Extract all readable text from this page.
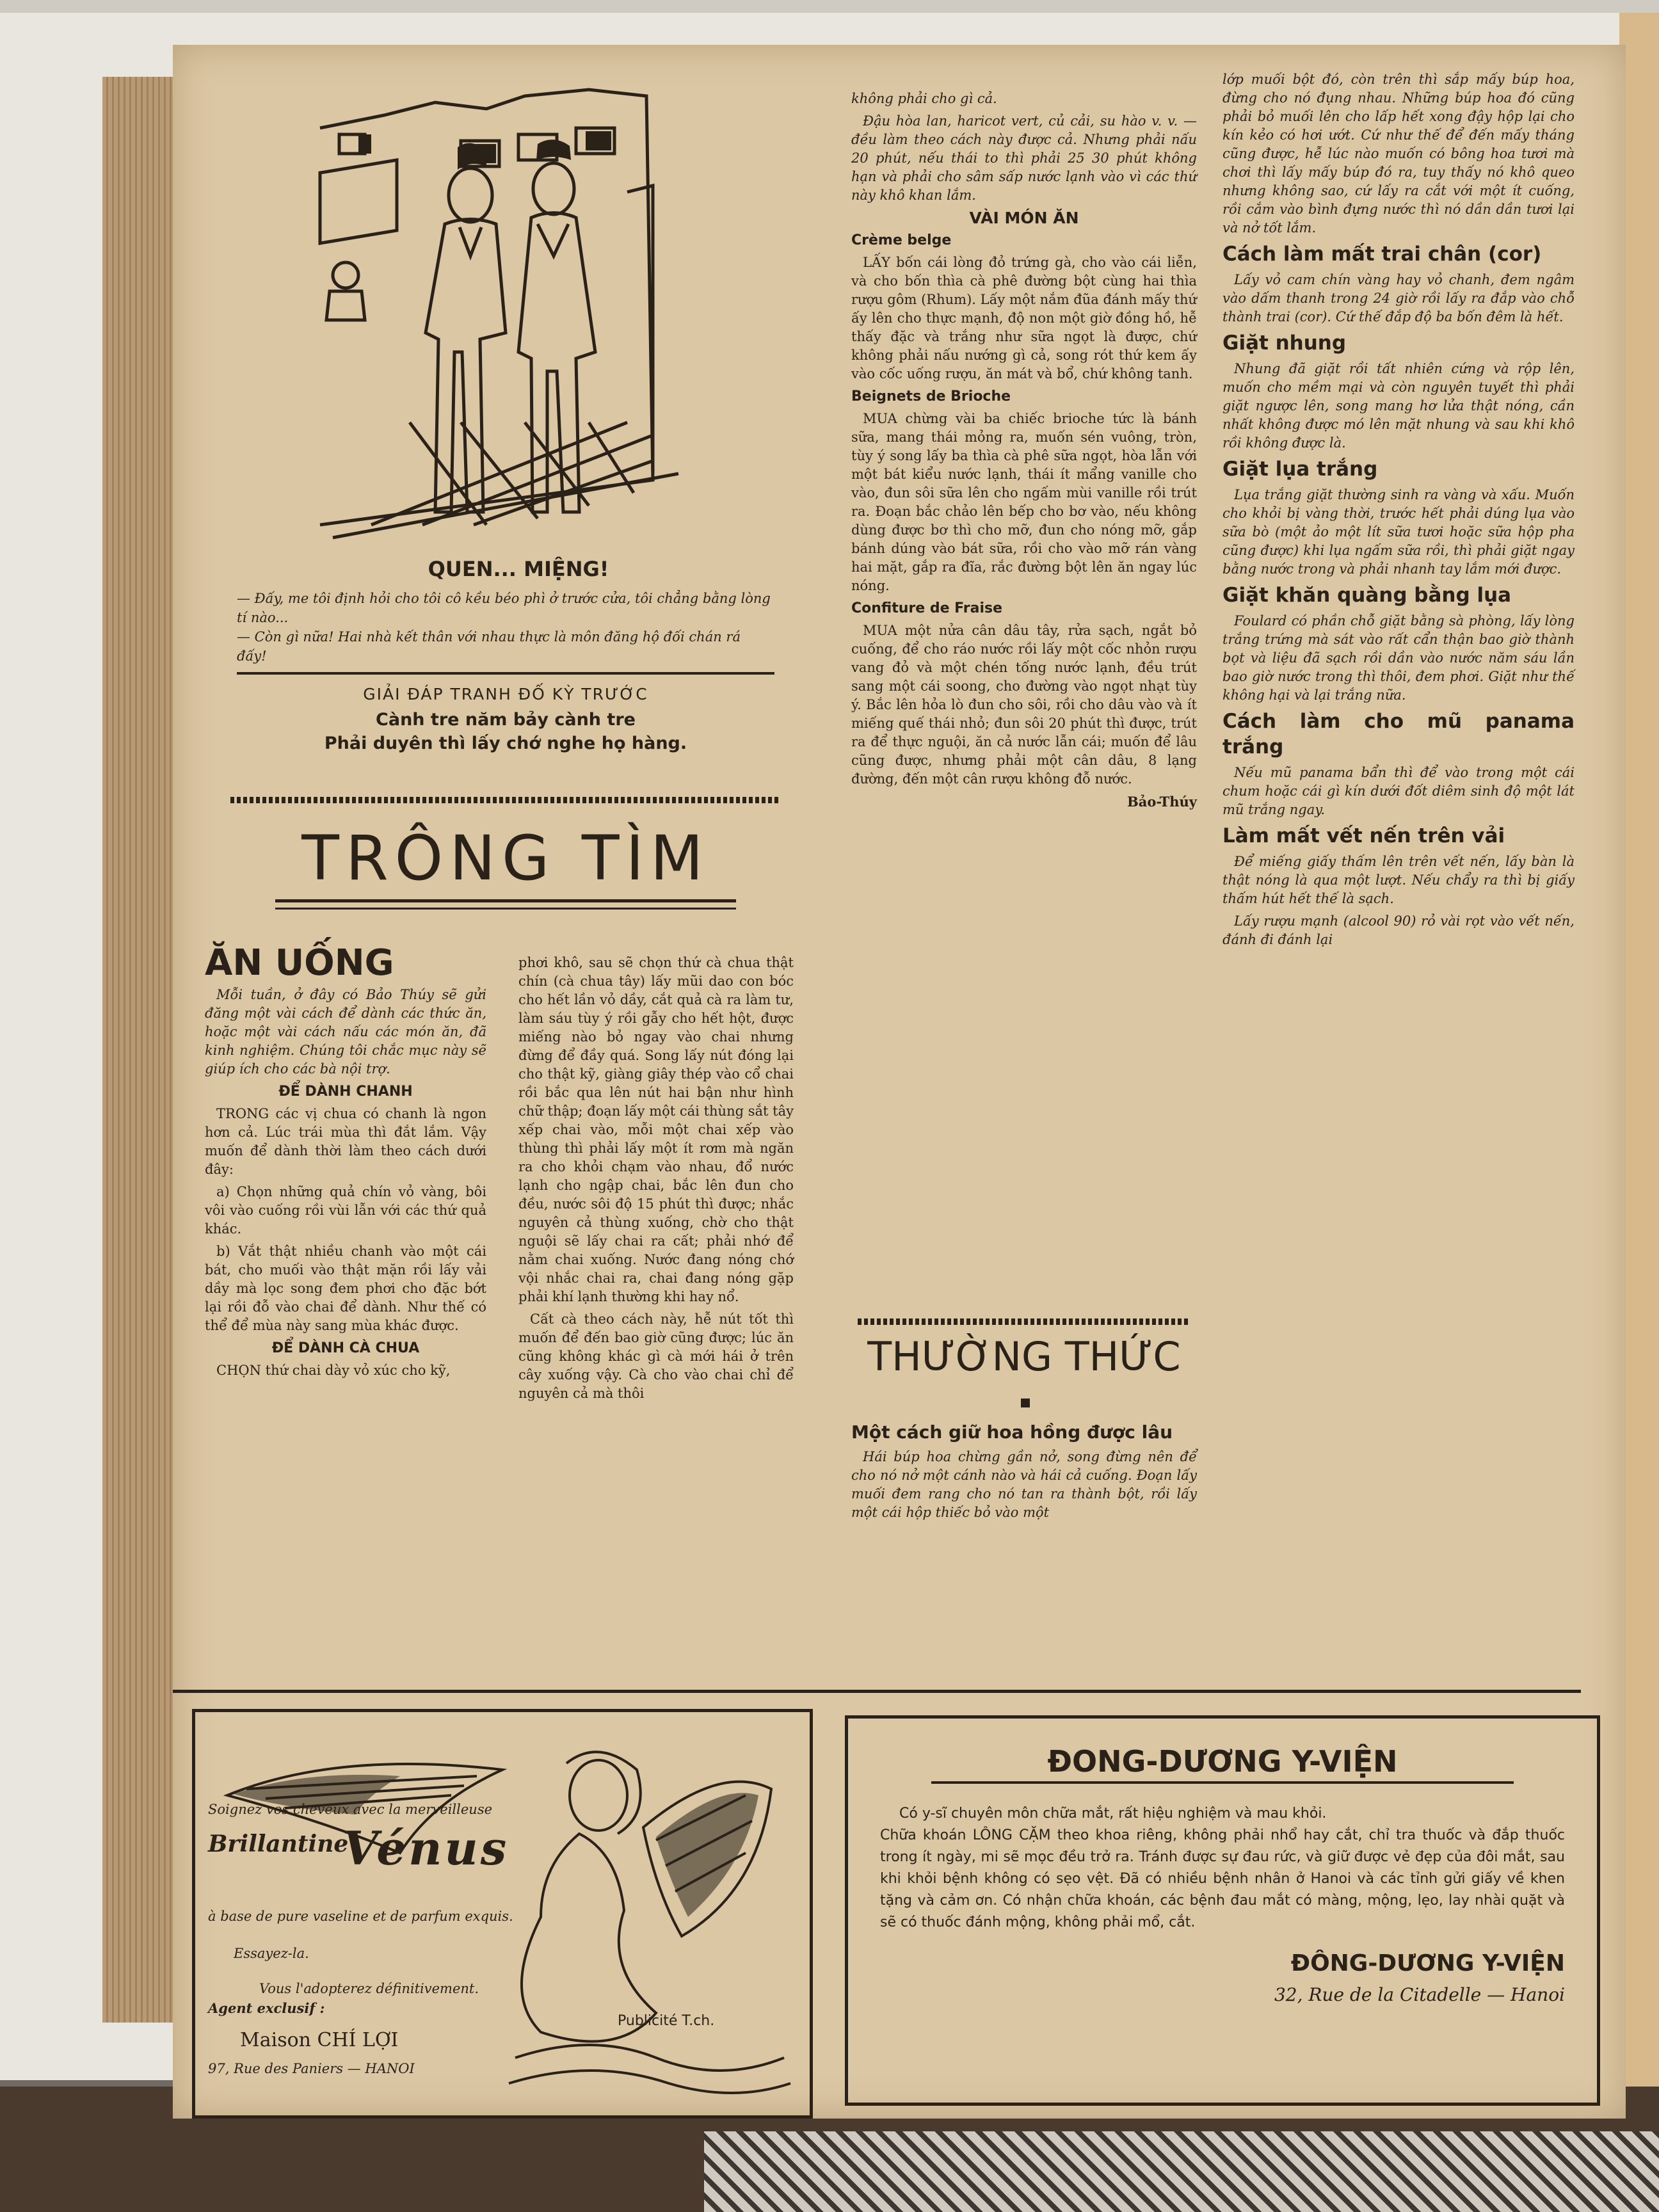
QUEN... MIỆNG!
— Đấy, me tôi định hỏi cho tôi cô kều béo phì ở trước cửa, tôi chẳng bằng lòng tí nào...
— Còn gì nữa! Hai nhà kết thân với nhau thực là môn đăng hộ đối chán rá đấy!
GIẢI ĐÁP TRANH ĐỐ KỲ TRƯỚC
Cành tre năm bảy cành tre
Phải duyên thì lấy chớ nghe họ hàng.
TRÔNG TÌM
ĂN UỐNG

Mỗi tuần, ở đây có Bảo Thúy sẽ gửi đăng một vài cách để dành các thức ăn, hoặc một vài cách nấu các món ăn, đã kinh nghiệm. Chúng tôi chắc mục này sẽ giúp ích cho các bà nội trợ.

ĐỂ DÀNH CHANH

TRONG các vị chua có chanh là ngon hơn cả. Lúc trái mùa thì đắt lắm. Vậy muốn để dành thời làm theo cách dưới đây:

a) Chọn những quả chín vỏ vàng, bôi vôi vào cuống rồi vùi lẫn với các thứ quả khác.

b) Vắt thật nhiều chanh vào một cái bát, cho muối vào thật mặn rồi lấy vải dầy mà lọc song đem phơi cho đặc bớt lại rồi đỗ vào chai để dành. Như thế có thể để mùa này sang mùa khác được.

ĐỂ DÀNH CÀ CHUA

CHỌN thứ chai dày vỏ xúc cho kỹ,

phơi khô, sau sẽ chọn thứ cà chua thật chín (cà chua tây) lấy mũi dao con bóc cho hết lần vỏ dầy, cắt quả cà ra làm tư, làm sáu tùy ý rồi gẫy cho hết hột, được miếng nào bỏ ngay vào chai nhưng đừng để đầy quá. Song lấy nút đóng lại cho thật kỹ, giàng giây thép vào cổ chai rồi bắc qua lên nút hai bận như hình chữ thập; đoạn lấy một cái thùng sắt tây xếp chai vào, mỗi một chai xếp vào thùng thì phải lấy một ít rơm mà ngăn ra cho khỏi chạm vào nhau, đổ nước lạnh cho ngập chai, bắc lên đun cho đều, nước sôi độ 15 phút thì được; nhắc nguyên cả thùng xuống, chờ cho thật nguội sẽ lấy chai ra cất; phải nhớ để nằm chai xuống. Nước đang nóng chớ vội nhắc chai ra, chai đang nóng gặp phải khí lạnh thường khi hay nổ.

Cất cà theo cách này, hễ nút tốt thì muốn để đến bao giờ cũng được; lúc ăn cũng không khác gì cà mới hái ở trên cây xuống vậy. Cà cho vào chai chỉ để nguyên cả mà thôi

không phải cho gì cả.

Đậu hòa lan, haricot vert, củ cải, su hào v. v. — đều làm theo cách này được cả. Nhưng phải nấu 20 phút, nếu thái to thì phải 25 30 phút không hạn và phải cho sâm sấp nước lạnh vào vì các thứ này khô khan lắm.

VÀI MÓN ĂN

Crème belge

LẤY bốn cái lòng đỏ trứng gà, cho vào cái liễn, và cho bốn thìa cà phê đường bột cùng hai thìa rượu gôm (Rhum). Lấy một nắm đũa đánh mấy thứ ấy lên cho thực mạnh, độ non một giờ đồng hồ, hễ thấy đặc và trắng như sữa ngọt là được, chứ không phải nấu nướng gì cả, song rót thứ kem ấy vào cốc uống rượu, ăn mát và bổ, chứ không tanh.

Beignets de Brioche

MUA chừng vài ba chiếc brioche tức là bánh sữa, mang thái mỏng ra, muốn sén vuông, tròn, tùy ý song lấy ba thìa cà phê sữa ngọt, hòa lẫn với một bát kiểu nước lạnh, thái ít mẩng vanille cho vào, đun sôi sữa lên cho ngấm mùi vanille rồi trút ra. Đoạn bắc chảo lên bếp cho bơ vào, nếu không dùng được bơ thì cho mỡ, đun cho nóng mỡ, gắp bánh dúng vào bát sữa, rồi cho vào mỡ rán vàng hai mặt, gắp ra đĩa, rắc đường bột lên ăn ngay lúc nóng.

Confiture de Fraise

MUA một nửa cân dâu tây, rửa sạch, ngắt bỏ cuống, để cho ráo nước rồi lấy một cốc nhỏn rượu vang đỏ và một chén tống nước lạnh, đều trút sang một cái soong, cho đường vào ngọt nhạt tùy ý. Bắc lên hỏa lò đun cho sôi, rồi cho dâu vào và ít miếng quế thái nhỏ; đun sôi 20 phút thì được, trút ra để thực nguội, ăn cả nước lẫn cái; muốn để lâu cũng được, nhưng phải một cân dâu, 8 lạng đường, đến một cân rượu không đỗ nước.

Bảo-Thúy

THƯỜNG THỨC

Một cách giữ hoa hồng được lâu

Hái búp hoa chừng gần nở, song đừng nên để cho nó nở một cánh nào và hái cả cuống. Đoạn lấy muối đem rang cho nó tan ra thành bột, rồi lấy một cái hộp thiếc bỏ vào một

lớp muối bột đó, còn trên thì sắp mấy búp hoa, đừng cho nó đụng nhau. Những búp hoa đó cũng phải bỏ muối lên cho lấp hết xong đậy hộp lại cho kín kẻo có hơi ướt. Cứ như thế để đến mấy tháng cũng được, hễ lúc nào muốn có bông hoa tươi mà chơi thì lấy mấy búp đó ra, tuy thấy nó khô queo nhưng không sao, cứ lấy ra cắt với một ít cuống, rồi cắm vào bình đựng nước thì nó dần dần tươi lại và nở tốt lắm.

Cách làm mất trai chân (cor)

Lấy vỏ cam chín vàng hay vỏ chanh, đem ngâm vào dấm thanh trong 24 giờ rồi lấy ra đắp vào chỗ thành trai (cor). Cứ thế đắp độ ba bốn đêm là hết.

Giặt nhung

Nhung đã giặt rồi tất nhiên cứng và rộp lên, muốn cho mềm mại và còn nguyên tuyết thì phải giặt ngược lên, song mang hơ lửa thật nóng, cần nhất không được mó lên mặt nhung và sau khi khô rồi không được là.

Giặt lụa trắng

Lụa trắng giặt thường sinh ra vàng và xấu. Muốn cho khỏi bị vàng thời, trước hết phải dúng lụa vào sữa bò (một ảo một lít sữa tươi hoặc sữa hộp pha cũng được) khi lụa ngấm sữa rồi, thì phải giặt ngay bằng nước trong và phải nhanh tay lắm mới được.

Giặt khăn quàng bằng lụa

Foulard có phần chỗ giặt bằng sà phòng, lấy lòng trắng trứng mà sát vào rất cẩn thận bao giờ thành bọt và liệu đã sạch rồi dần vào nước năm sáu lần bao giờ nước trong thì thôi, đem phơi. Giặt như thế không hại và lại trắng nữa.

Cách làm cho mũ panama trắng

Nếu mũ panama bẩn thì để vào trong một cái chum hoặc cái gì kín dưới đốt diêm sinh độ một lát mũ trắng ngay.

Làm mất vết nến trên vải

Để miếng giấy thấm lên trên vết nến, lấy bàn là thật nóng là qua một lượt. Nếu chẩy ra thì bị giấy thấm hút hết thế là sạch.

Lấy rượu mạnh (alcool 90) rỏ vài rọt vào vết nến, đánh đi đánh lại

Soignez vos cheveux avec la merveilleuse
Brillantine
Vénus
à base de pure vaseline et de parfum exquis.
Essayez-la.
Vous l'adopterez définitivement.
Agent exclusif :
Maison CHÍ LỢI
97, Rue des Paniers — HANOI
Publicité T.ch.
ĐONG-DƯƠNG Y-VIỆN
Có y-sĩ chuyên môn chữa mắt, rất hiệu nghiệm và mau khỏi.
Chữa khoán LÔNG CẶM theo khoa riêng, không phải nhổ hay cắt, chỉ tra thuốc và đắp thuốc trong ít ngày, mi sẽ mọc đều trở ra. Tránh được sự đau rức, và giữ được vẻ đẹp của đôi mắt, sau khi khỏi bệnh không có sẹo vệt. Đã có nhiều bệnh nhân ở Hanoi và các tỉnh gửi giấy về khen tặng và cảm ơn. Có nhận chữa khoán, các bệnh đau mắt có màng, mộng, lẹo, lay nhài quặt và sẽ có thuốc đánh mộng, không phải mổ, cắt.
ĐÔNG-DƯƠNG Y-VIỆN
32, Rue de la Citadelle — Hanoi
